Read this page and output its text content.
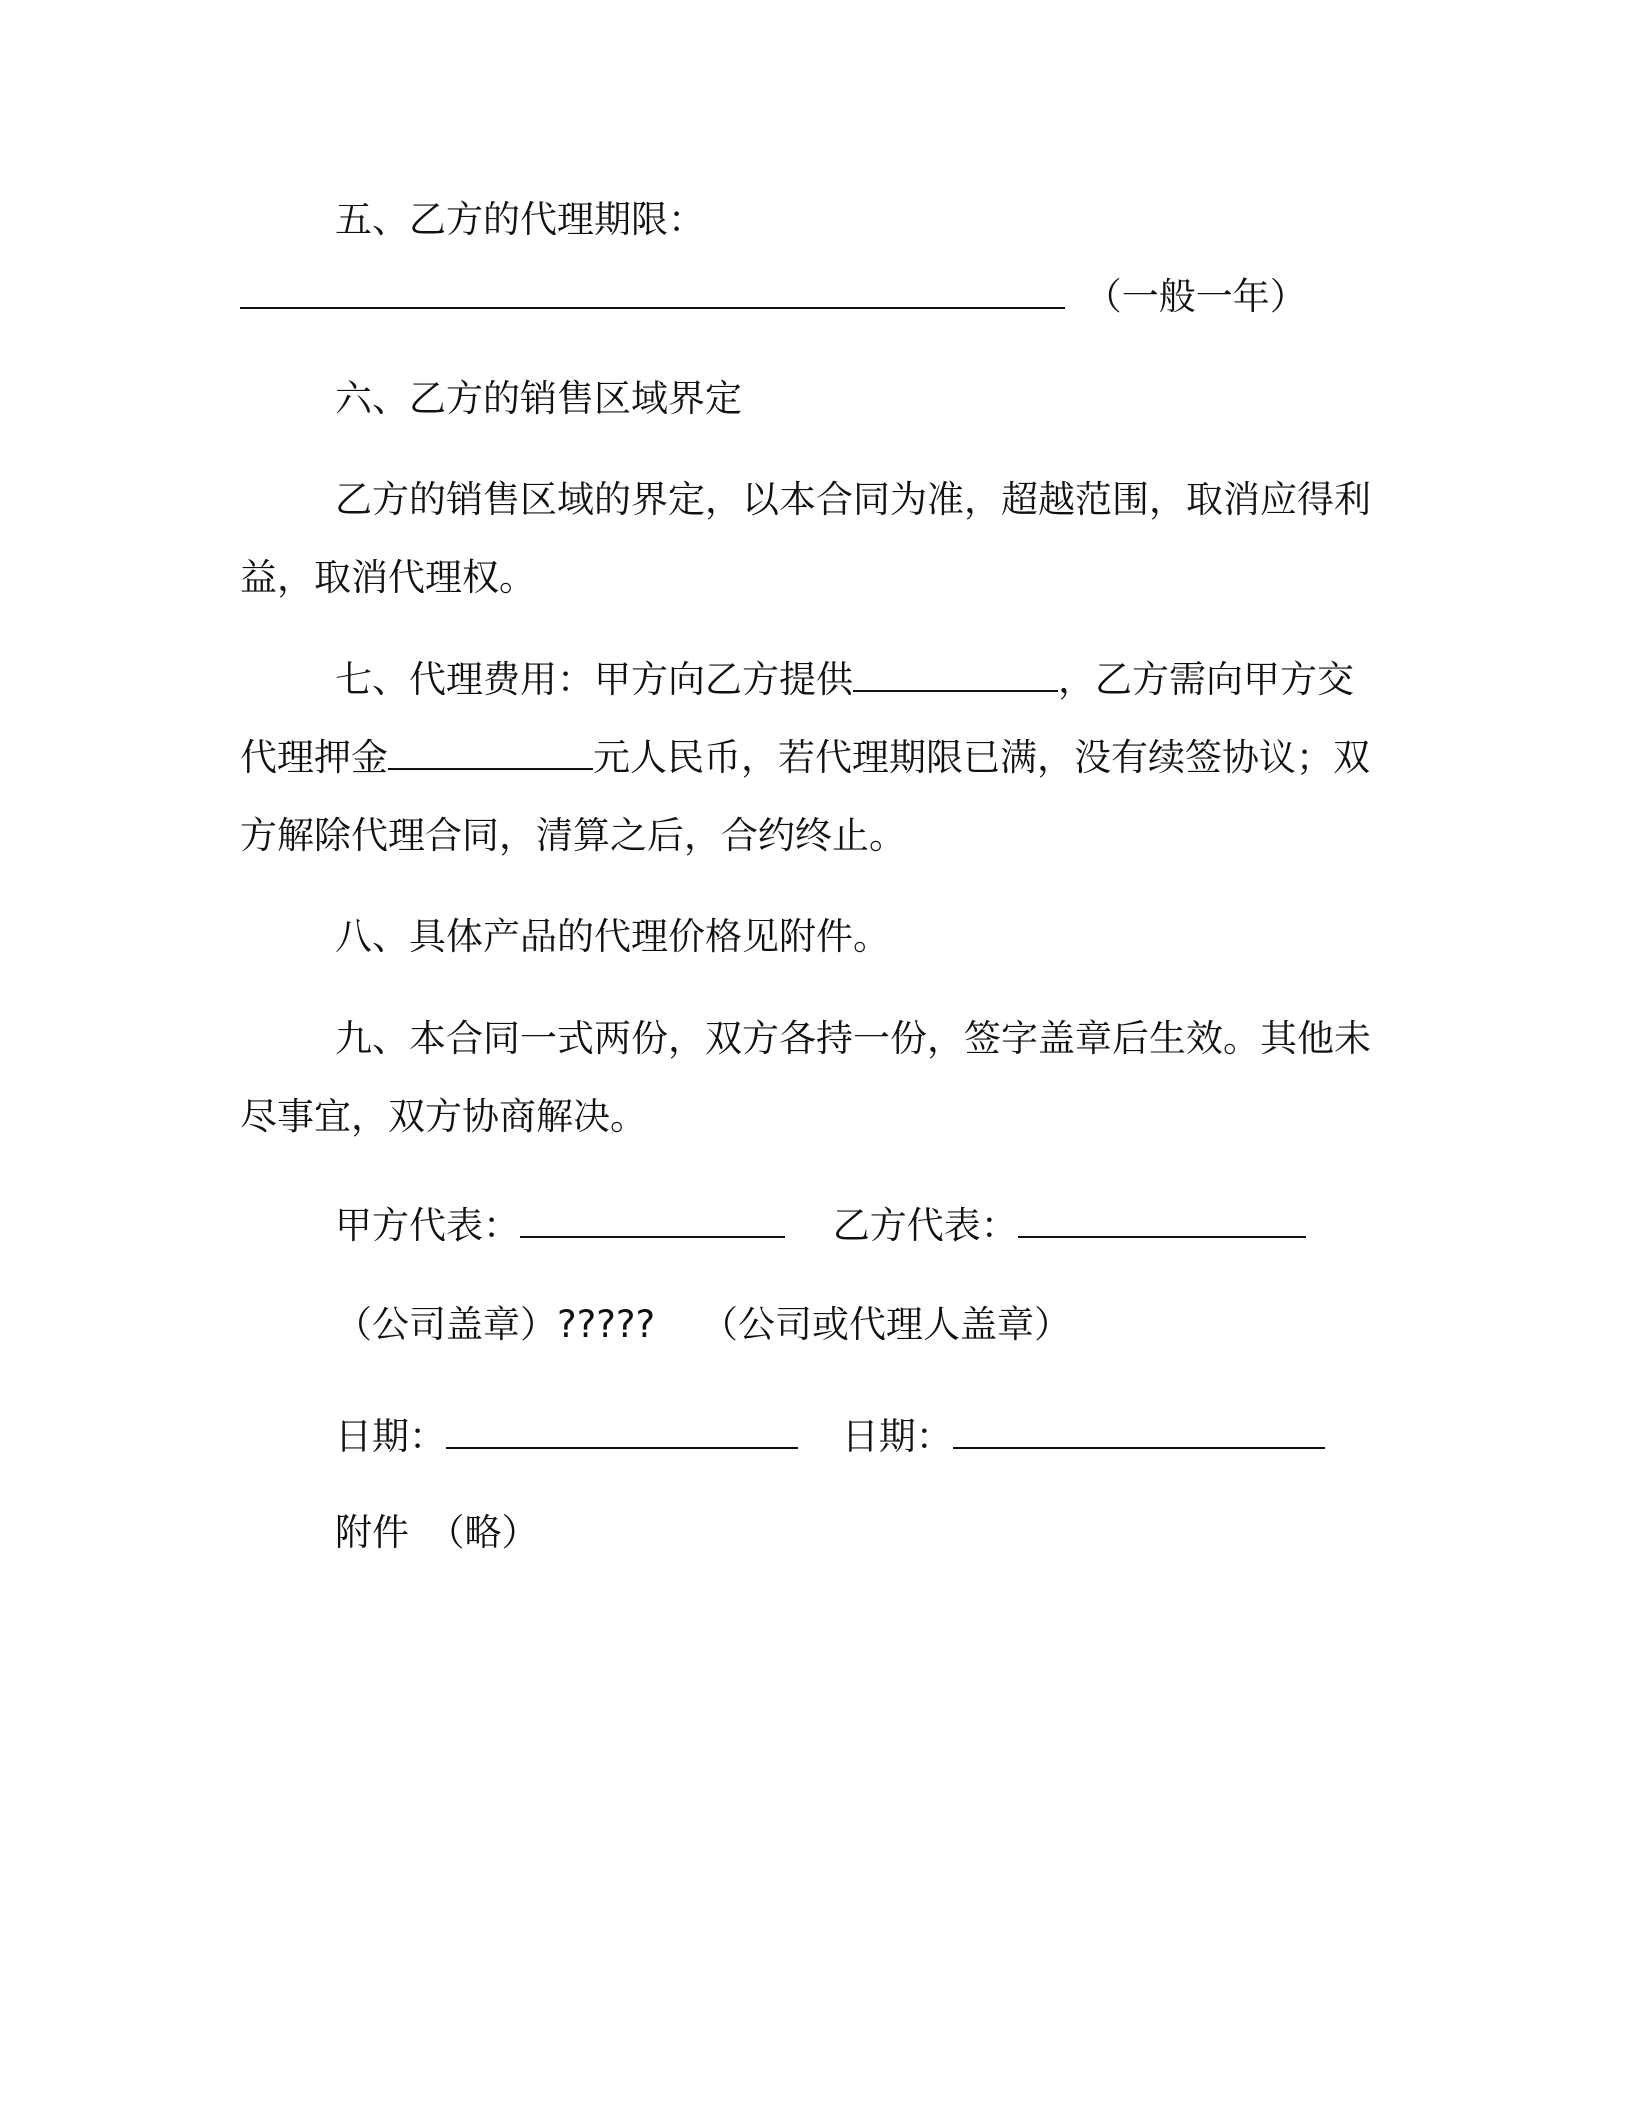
五、乙方的代理期限：
（一般一年）
六、乙方的销售区域界定
乙方的销售区域的界定，以本合同为准，超越范围，取消应得利
益，取消代理权。
七、代理费用：甲方向乙方提供	，乙方需向甲方交
代理押金	元人民币，若代理期限已满，没有续签协议；双
方解除代理合同，清算之后，合约终止。
八、具体产品的代理价格见附件。
九、本合同一式两份，双方各持一份，签字盖章后生效。其他未
尽事宜，双方协商解决。
甲方代表：	乙方代表：
（公司盖章）????? （公司或代理人盖章）
日期：	日期：
附件　（略）
